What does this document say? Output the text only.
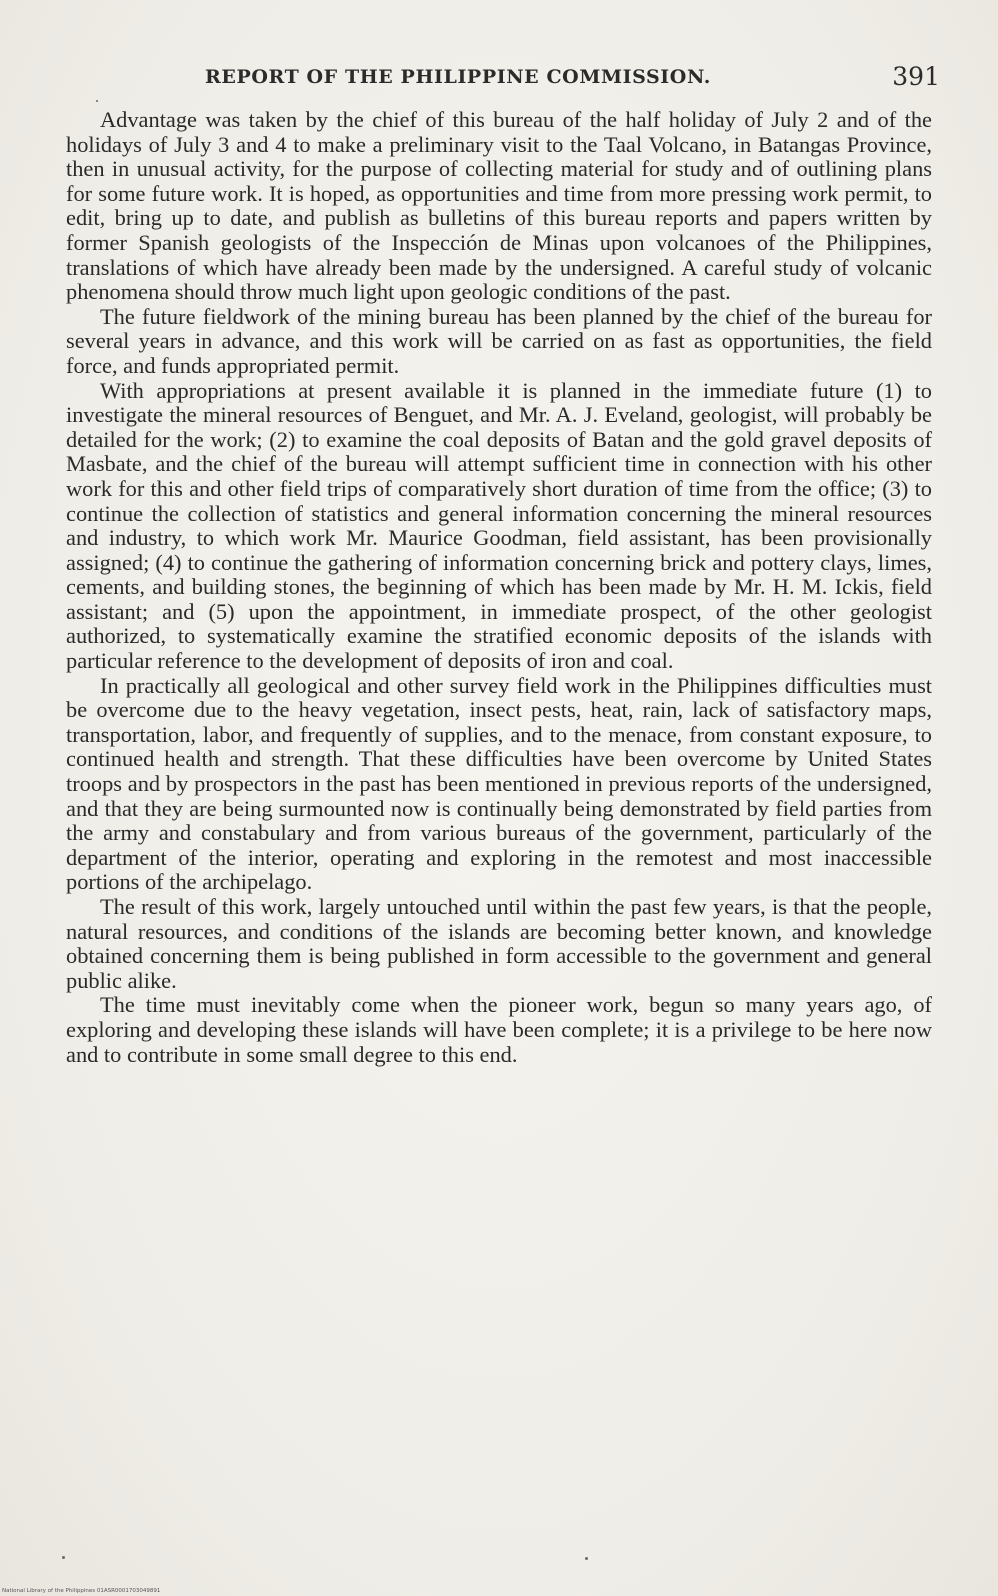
REPORT OF THE PHILIPPINE COMMISSION.	391

Advantage was taken by the chief of this bureau of the half holiday of July 2 and of the holidays of July 3 and 4 to make a preliminary visit to the Taal Volcano, in Batangas Province, then in unusual activity, for the purpose of collecting material for study and of outlining plans for some future work. It is hoped, as opportunities and time from more pressing work permit, to edit, bring up to date, and publish as bulletins of this bureau reports and papers written by former Spanish geologists of the Inspección de Minas upon volcanoes of the Philippines, translations of which have already been made by the undersigned. A careful study of volcanic phenomena should throw much light upon geologic conditions of the past.

The future fieldwork of the mining bureau has been planned by the chief of the bureau for several years in advance, and this work will be carried on as fast as opportunities, the field force, and funds appropriated permit.

With appropriations at present available it is planned in the immediate future (1) to investigate the mineral resources of Benguet, and Mr. A. J. Eveland, geologist, will probably be detailed for the work; (2) to examine the coal deposits of Batan and the gold gravel deposits of Masbate, and the chief of the bureau will attempt sufficient time in connection with his other work for this and other field trips of comparatively short duration of time from the office; (3) to continue the collection of statistics and general information concerning the mineral resources and industry, to which work Mr. Maurice Goodman, field assistant, has been provisionally assigned; (4) to continue the gathering of information concerning brick and pottery clays, limes, cements, and building stones, the beginning of which has been made by Mr. H. M. Ickis, field assistant; and (5) upon the appointment, in immediate prospect, of the other geologist authorized, to systematically examine the stratified economic deposits of the islands with particular reference to the development of deposits of iron and coal.

In practically all geological and other survey field work in the Philippines difficulties must be overcome due to the heavy vegetation, insect pests, heat, rain, lack of satisfactory maps, transportation, labor, and frequently of supplies, and to the menace, from constant exposure, to continued health and strength. That these difficulties have been overcome by United States troops and by prospectors in the past has been mentioned in previous reports of the undersigned, and that they are being surmounted now is continually being demonstrated by field parties from the army and constabulary and from various bureaus of the government, particularly of the department of the interior, operating and exploring in the remotest and most inaccessible portions of the archipelago.

The result of this work, largely untouched until within the past few years, is that the people, natural resources, and conditions of the islands are becoming better known, and knowledge obtained concerning them is being published in form accessible to the government and general public alike.

The time must inevitably come when the pioneer work, begun so many years ago, of exploring and developing these islands will have been complete; it is a privilege to be here now and to contribute in some small degree to this end.

National Library of the Philippines 01ASR0001703049891
